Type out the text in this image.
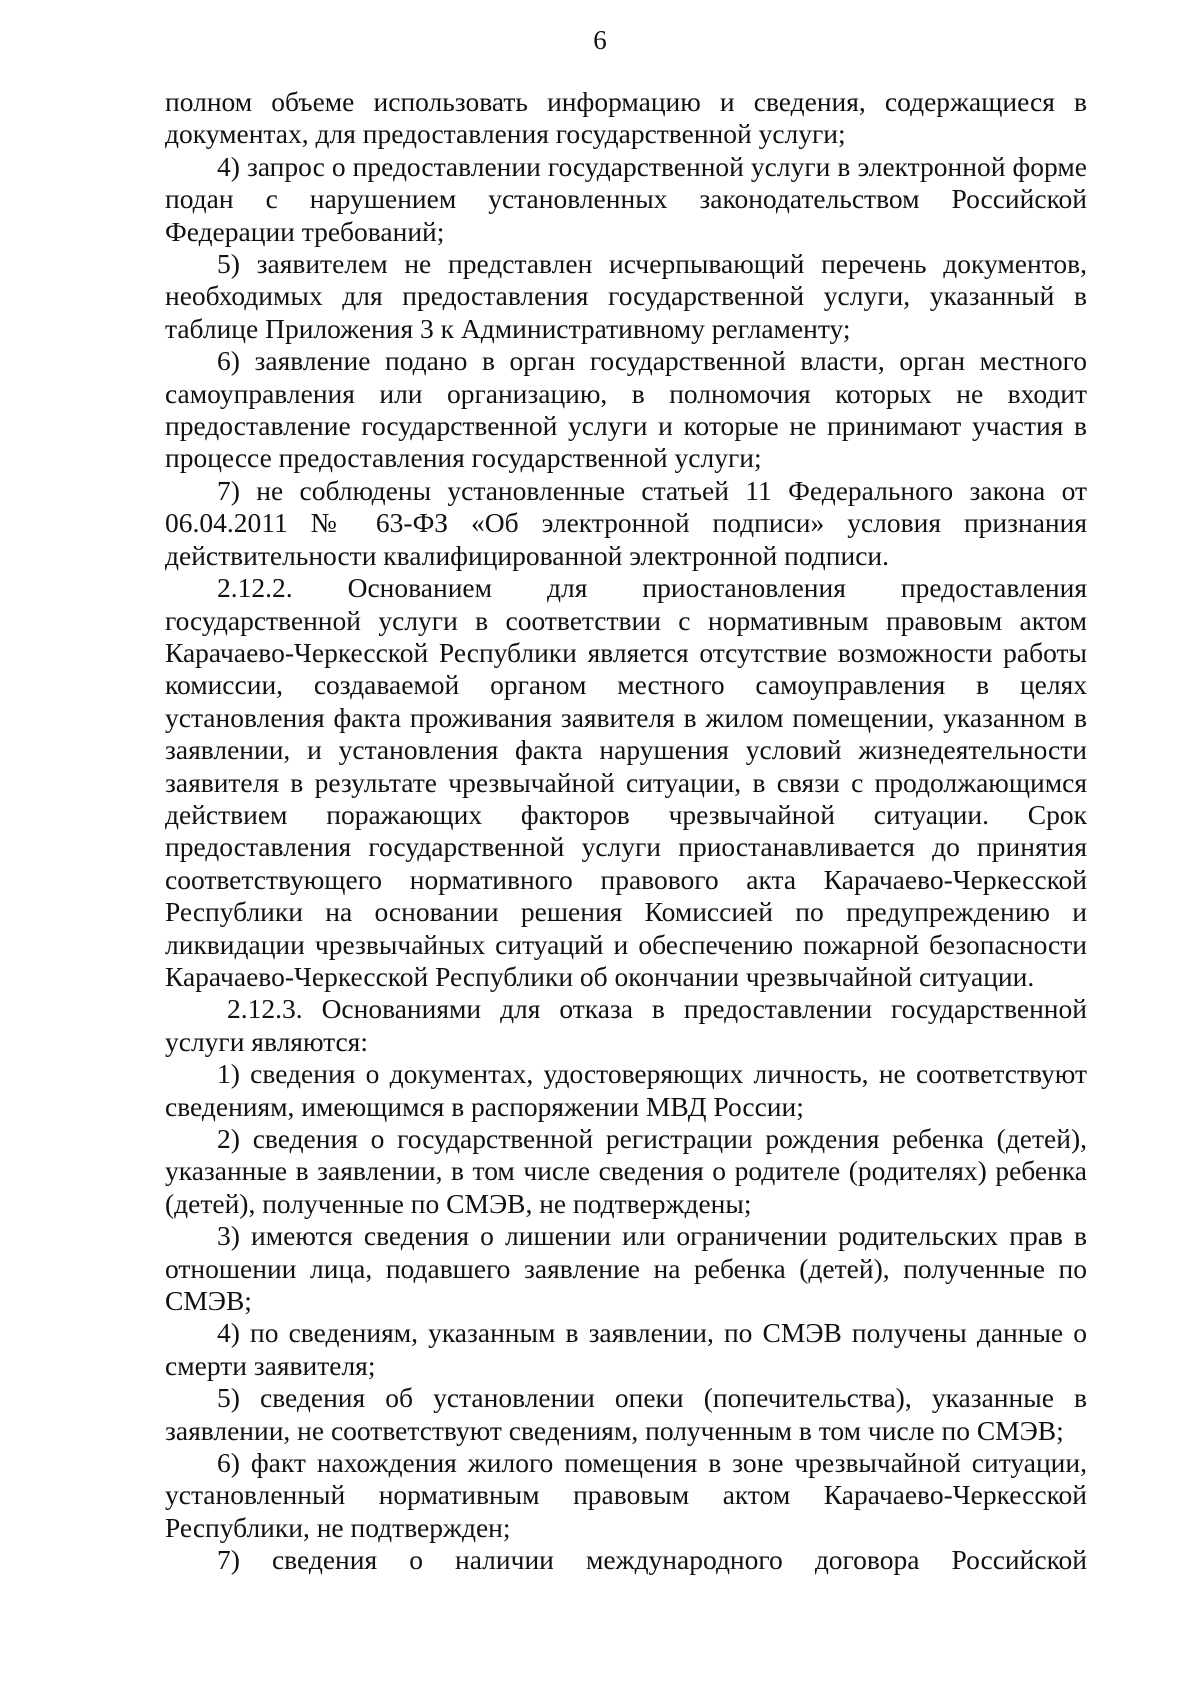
6

полном объеме использовать информацию и сведения, содержащиеся в документах, для предоставления государственной услуги;

4) запрос о предоставлении государственной услуги в электронной форме подан с нарушением установленных законодательством Российской Федерации требований;

5) заявителем не представлен исчерпывающий перечень документов, необходимых для предоставления государственной услуги, указанный в таблице Приложения 3 к Административному регламенту;

6) заявление подано в орган государственной власти, орган местного самоуправления или организацию, в полномочия которых не входит предоставление государственной услуги и которые не принимают участия в процессе предоставления государственной услуги;

7) не соблюдены установленные статьей 11 Федерального закона от 06.04.2011 № 63-ФЗ «Об электронной подписи» условия признания действительности квалифицированной электронной подписи.

2.12.2. Основанием для приостановления предоставления государственной услуги в соответствии с нормативным правовым актом Карачаево-Черкесской Республики является отсутствие возможности работы комиссии, создаваемой органом местного самоуправления в целях установления факта проживания заявителя в жилом помещении, указанном в заявлении, и установления факта нарушения условий жизнедеятельности заявителя в результате чрезвычайной ситуации, в связи с продолжающимся действием поражающих факторов чрезвычайной ситуации. Срок предоставления государственной услуги приостанавливается до принятия соответствующего нормативного правового акта Карачаево-Черкесской Республики на основании решения Комиссией по предупреждению и ликвидации чрезвычайных ситуаций и обеспечению пожарной безопасности Карачаево-Черкесской Республики об окончании чрезвычайной ситуации.

2.12.3. Основаниями для отказа в предоставлении государственной услуги являются:

1) сведения о документах, удостоверяющих личность, не соответствуют сведениям, имеющимся в распоряжении МВД России;

2) сведения о государственной регистрации рождения ребенка (детей), указанные в заявлении, в том числе сведения о родителе (родителях) ребенка (детей), полученные по СМЭВ, не подтверждены;

3) имеются сведения о лишении или ограничении родительских прав в отношении лица, подавшего заявление на ребенка (детей), полученные по СМЭВ;

4) по сведениям, указанным в заявлении, по СМЭВ получены данные о смерти заявителя;

5) сведения об установлении опеки (попечительства), указанные в заявлении, не соответствуют сведениям, полученным в том числе по СМЭВ;

6) факт нахождения жилого помещения в зоне чрезвычайной ситуации, установленный нормативным правовым актом Карачаево-Черкесской Республики, не подтвержден;

7) сведения о наличии международного договора Российской
